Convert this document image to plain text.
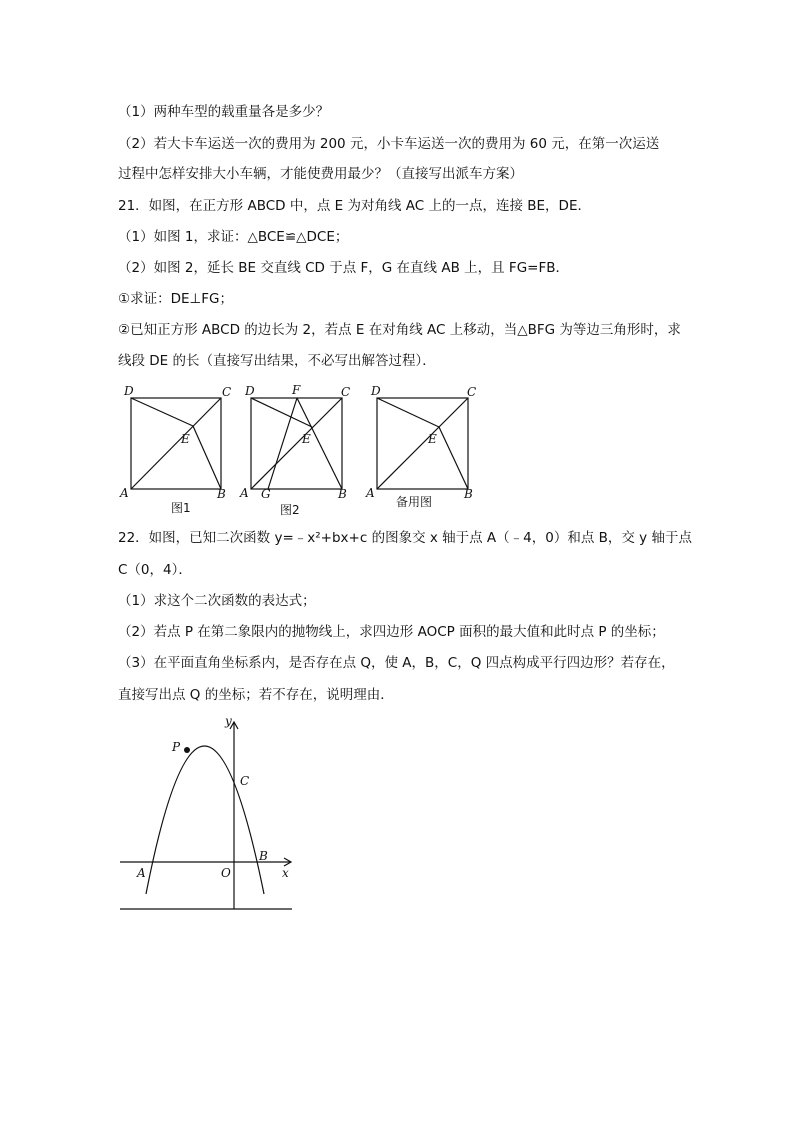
（1）两种车型的载重量各是多少？
（2）若大卡车运送一次的费用为 200 元，小卡车运送一次的费用为 60 元，在第一次运送
过程中怎样安排大小车辆，才能使费用最少？（直接写出派车方案）
21．如图，在正方形 ABCD 中，点 E 为对角线 AC 上的一点，连接 BE，DE．
（1）如图 1，求证：△BCE≌△DCE；
（2）如图 2，延长 BE 交直线 CD 于点 F，G 在直线 AB 上，且 FG=FB．
①求证：DE⊥FG；
②已知正方形 ABCD 的边长为 2，若点 E 在对角线 AC 上移动，当△BFG 为等边三角形时，求
线段 DE 的长（直接写出结果，不必写出解答过程）．
D	C
E
A	B
图1
D	F	C
E
A G	B
图2
D	C
E
A	B
备用图
22．如图，已知二次函数 y=﹣x²+bx+c 的图象交 x 轴于点 A（﹣4，0）和点 B，交 y 轴于点
C（0，4）．
（1）求这个二次函数的表达式；
（2）若点 P 在第二象限内的抛物线上，求四边形 AOCP 面积的最大值和此时点 P 的坐标；
（3）在平面直角坐标系内，是否存在点 Q，使 A，B，C，Q 四点构成平行四边形？若存在，
直接写出点 Q 的坐标；若不存在，说明理由．
y
P
C
B
A	O	x
